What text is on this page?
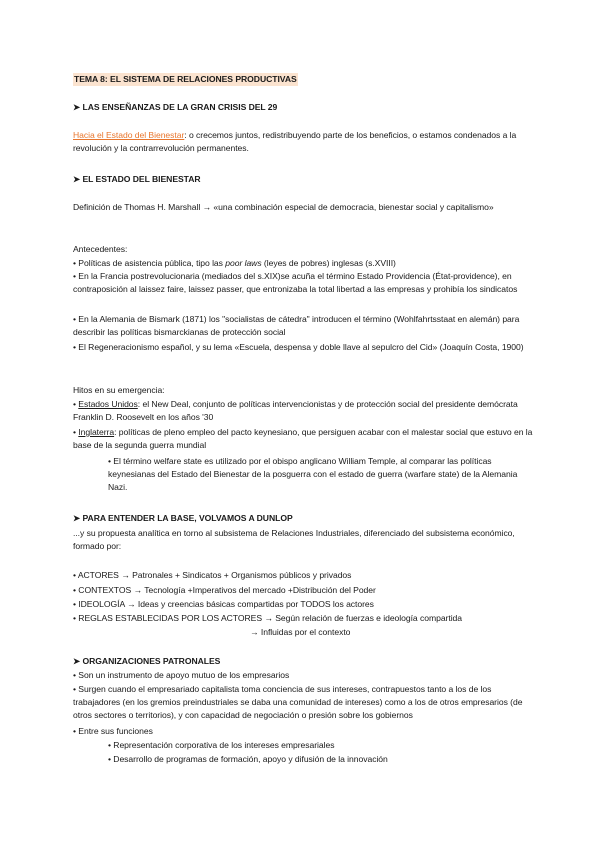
TEMA 8: EL SISTEMA DE RELACIONES PRODUCTIVAS
➤ LAS ENSEÑANZAS DE LA GRAN CRISIS DEL 29
Hacia el Estado del Bienestar: o crecemos juntos, redistribuyendo parte de los beneficios, o estamos condenados a la revolución y la contrarrevolución permanentes.
➤ EL ESTADO DEL BIENESTAR
Definición de Thomas H. Marshall → «una combinación especial de democracia, bienestar social y capitalismo»
Antecedentes:
• Políticas de asistencia pública, tipo las poor laws (leyes de pobres) inglesas (s.XVIII)
• En la Francia postrevolucionaria (mediados del s.XIX)se acuña el término Estado Providencia (État-providence), en contraposición al laissez faire, laissez passer, que entronizaba la total libertad a las empresas y prohibía los sindicatos
• En la Alemania de Bismark (1871) los "socialistas de cátedra" introducen el término (Wohlfahrtsstaat en alemán) para describir las políticas bismarckianas de protección social
• El Regeneracionismo español, y su lema «Escuela, despensa y doble llave al sepulcro del Cid» (Joaquín Costa, 1900)
Hitos en su emergencia:
• Estados Unidos: el New Deal, conjunto de políticas intervencionistas y de protección social del presidente demócrata Franklin D. Roosevelt en los años '30
• Inglaterra: políticas de pleno empleo del pacto keynesiano, que persiguen acabar con el malestar social que estuvo en la base de la segunda guerra mundial
• El término welfare state es utilizado por el obispo anglicano William Temple, al comparar las políticas keynesianas del Estado del Bienestar de la posguerra con el estado de guerra (warfare state) de la Alemania Nazi.
➤ PARA ENTENDER LA BASE, VOLVAMOS A DUNLOP
...y su propuesta analítica en torno al subsistema de Relaciones Industriales, diferenciado del subsistema económico, formado por:
• ACTORES → Patronales + Sindicatos + Organismos públicos y privados
• CONTEXTOS → Tecnología +Imperativos del mercado +Distribución del Poder
• IDEOLOGÍA → Ideas y creencias básicas compartidas por TODOS los actores
• REGLAS ESTABLECIDAS POR LOS ACTORES → Según relación de fuerzas e ideología compartida
→ Influidas por el contexto
➤ ORGANIZACIONES PATRONALES
• Son un instrumento de apoyo mutuo de los empresarios
• Surgen cuando el empresariado capitalista toma conciencia de sus intereses, contrapuestos tanto a los de los trabajadores (en los gremios preindustriales se daba una comunidad de intereses) como a los de otros empresarios (de otros sectores o territorios), y con capacidad de negociación o presión sobre los gobiernos
• Entre sus funciones
• Representación corporativa de los intereses empresariales
• Desarrollo de programas de formación, apoyo y difusión de la innovación
